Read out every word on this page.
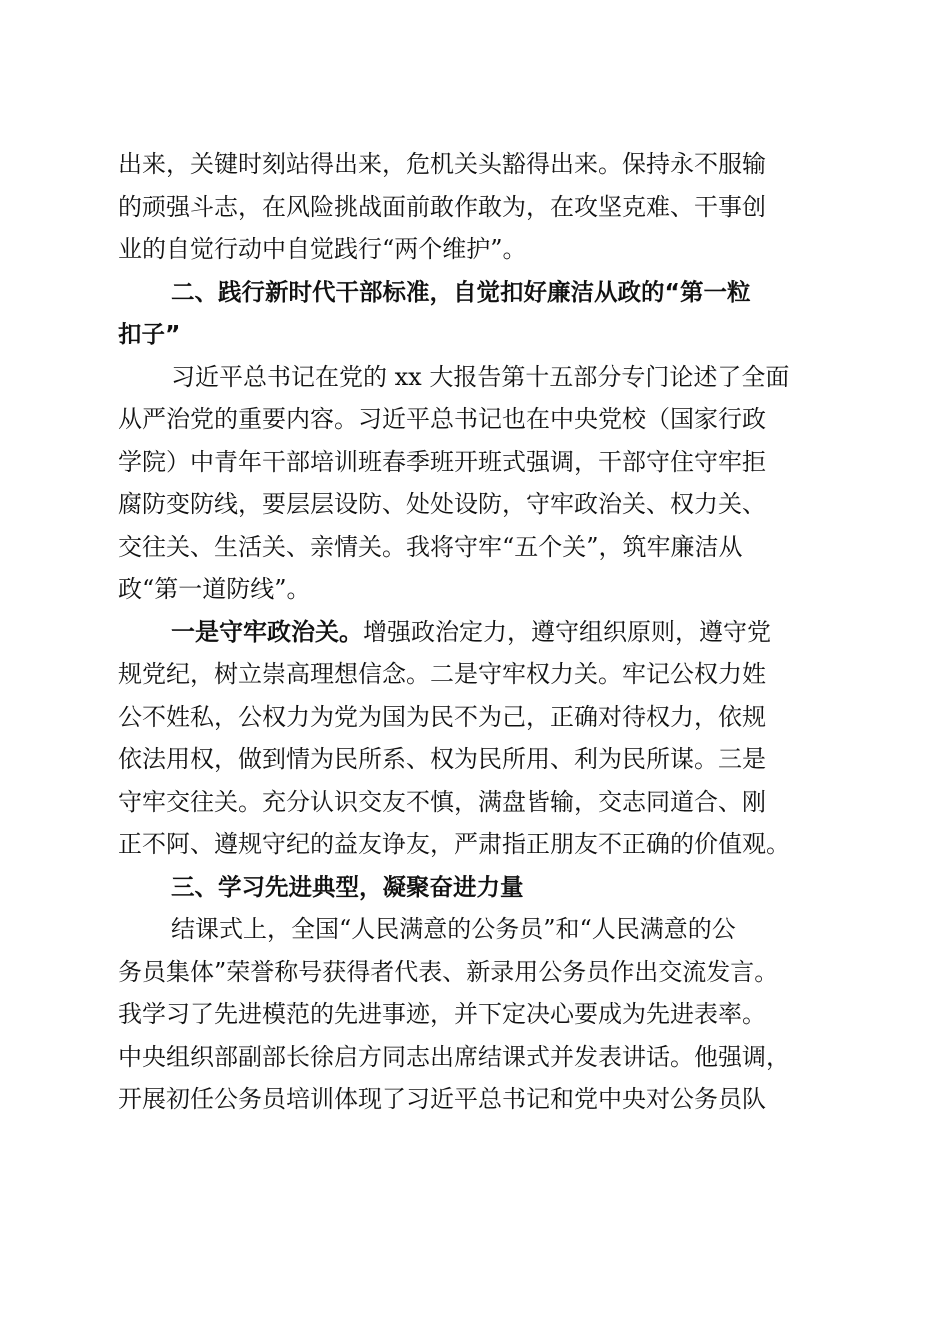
出来，关键时刻站得出来，危机关头豁得出来。保持永不服输
的顽强斗志，在风险挑战面前敢作敢为，在攻坚克难、干事创
业的自觉行动中自觉践行“两个维护”。
二、践行新时代干部标准，自觉扣好廉洁从政的“第一粒
扣子”
习近平总书记在党的 xx 大报告第十五部分专门论述了全面
从严治党的重要内容。习近平总书记也在中央党校（国家行政
学院）中青年干部培训班春季班开班式强调，干部守住守牢拒
腐防变防线，要层层设防、处处设防，守牢政治关、权力关、
交往关、生活关、亲情关。我将守牢“五个关”，筑牢廉洁从
政“第一道防线”。
一是守牢政治关。增强政治定力，遵守组织原则，遵守党
规党纪，树立崇高理想信念。二是守牢权力关。牢记公权力姓
公不姓私，公权力为党为国为民不为己，正确对待权力，依规
依法用权，做到情为民所系、权为民所用、利为民所谋。三是
守牢交往关。充分认识交友不慎，满盘皆输，交志同道合、刚
正不阿、遵规守纪的益友诤友，严肃指正朋友不正确的价值观。
三、学习先进典型，凝聚奋进力量
结课式上，全国“人民满意的公务员”和“人民满意的公
务员集体”荣誉称号获得者代表、新录用公务员作出交流发言。
我学习了先进模范的先进事迹，并下定决心要成为先进表率。
中央组织部副部长徐启方同志出席结课式并发表讲话。他强调，
开展初任公务员培训体现了习近平总书记和党中央对公务员队
